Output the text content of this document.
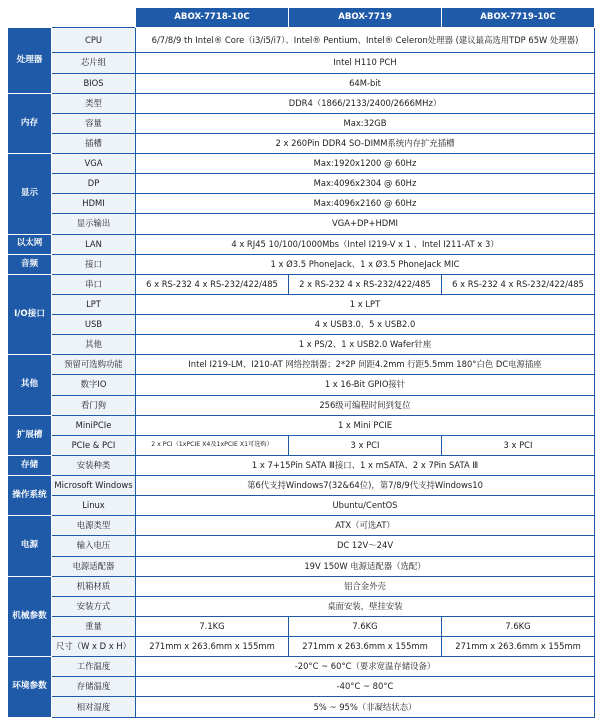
		ABOX-7718-10C	ABOX-7719	ABOX-7719-10C
处理器	CPU	6/7/8/9 th Intel® Core（i3/i5/i7）、Intel® Pentium、Intel® Celeron处理器 (建议最高选用TDP 65W 处理器)		
	芯片组	Intel H110 PCH		
	BIOS	64M-bit		
内存	类型	DDR4（1866/2133/2400/2666MHz）		
	容量	Max:32GB		
	插槽	2 x 260Pin DDR4 SO-DIMM系统内存扩充插槽		
显示	VGA	Max:1920x1200 @ 60Hz		
	DP	Max:4096x2304 @ 60Hz		
	HDMI	Max:4096x2160 @ 60Hz		
	显示输出	VGA+DP+HDMI		
以太网	LAN	4 x RJ45 10/100/1000Mbs（Intel I219-V x 1 、Intel I211-AT x 3）		
音频	接口	1 x Ø3.5 PhoneJack、1 x Ø3.5 PhoneJack MIC		
I/O接口	串口	6 x RS-232 4 x RS-232/422/485	2 x RS-232 4 x RS-232/422/485	6 x RS-232 4 x RS-232/422/485
	LPT	1 x LPT		
	USB	4 x USB3.0、5 x USB2.0		
	其他	1 x PS/2、1 x USB2.0 Wafer针座		
其他	预留可选购功能	Intel I219-LM、I210-AT 网络控制器；2*2P 间距4.2mm 行距5.5mm 180°白色 DC电源插座		
	数字IO	1 x 16-Bit GPIO接针		
	看门狗	256级可编程时间到复位		
扩展槽	MiniPCIe	1 x Mini PCIE		
	PCIe & PCI	2 x PCI（1xPCIE X4及1xPCIE X1可选购）	3 x PCI	3 x PCI
存储	安装种类	1 x 7+15Pin SATA Ⅲ接口、1 x mSATA、2 x 7Pin SATA Ⅲ		
操作系统	Microsoft Windows	第6代支持Windows7(32&64位)，第7/8/9代支持Windows10		
	Linux	Ubuntu/CentOS		
电源	电源类型	ATX（可选AT）		
	输入电压	DC 12V～24V		
	电源适配器	19V 150W 电源适配器（选配）		
机械参数	机箱材质	铝合金外壳		
	安装方式	桌面安装，壁挂安装		
	重量	7.1KG	7.6KG	7.6KG
	尺寸（W x D x H）	271mm x 263.6mm x 155mm	271mm x 263.6mm x 155mm	271mm x 263.6mm x 155mm
环境参数	工作温度	-20°C ~ 60°C（要求宽温存储设备）		
	存储温度	-40°C ~ 80°C		
	相对湿度	5% ~ 95%（非凝结状态）		
